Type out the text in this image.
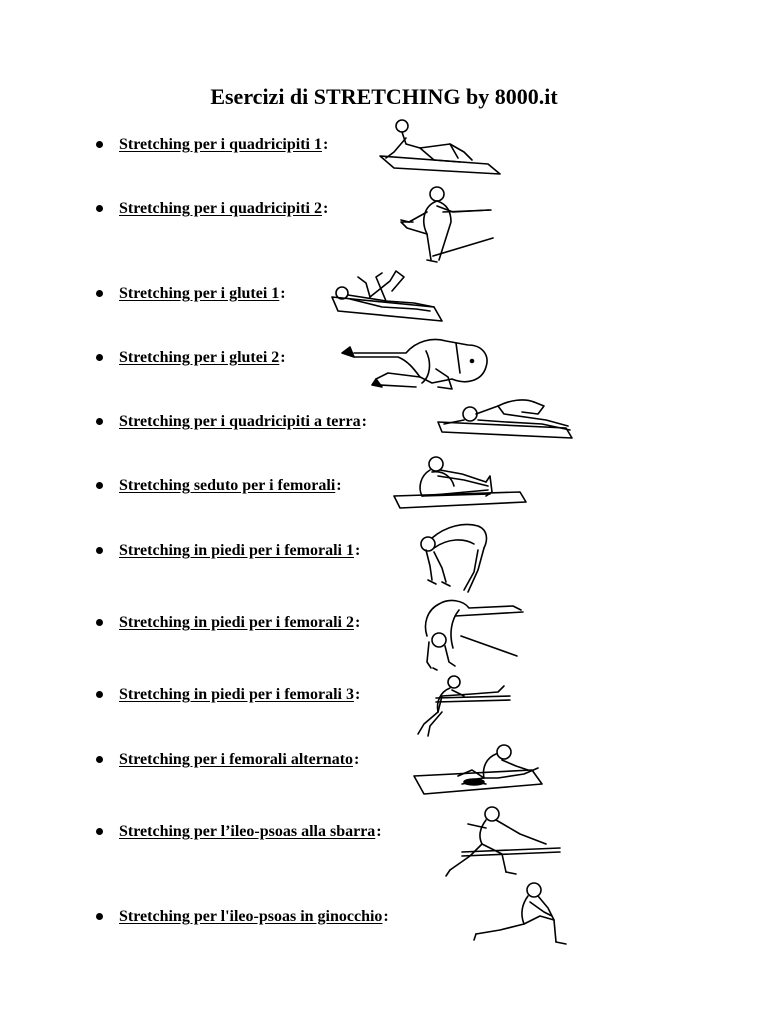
Esercizi di STRETCHING by 8000.it
Stretching per i quadricipiti 1:
Stretching per i quadricipiti 2:
Stretching per i glutei 1:
Stretching per i glutei 2:
Stretching per i quadricipiti a terra:
Stretching seduto per i femorali:
Stretching in piedi per i femorali 1:
Stretching in piedi per i femorali 2:
Stretching in piedi per i femorali 3:
Stretching per i femorali alternato:
Stretching per l’ileo-psoas alla sbarra:
Stretching per l'ileo-psoas in ginocchio:
